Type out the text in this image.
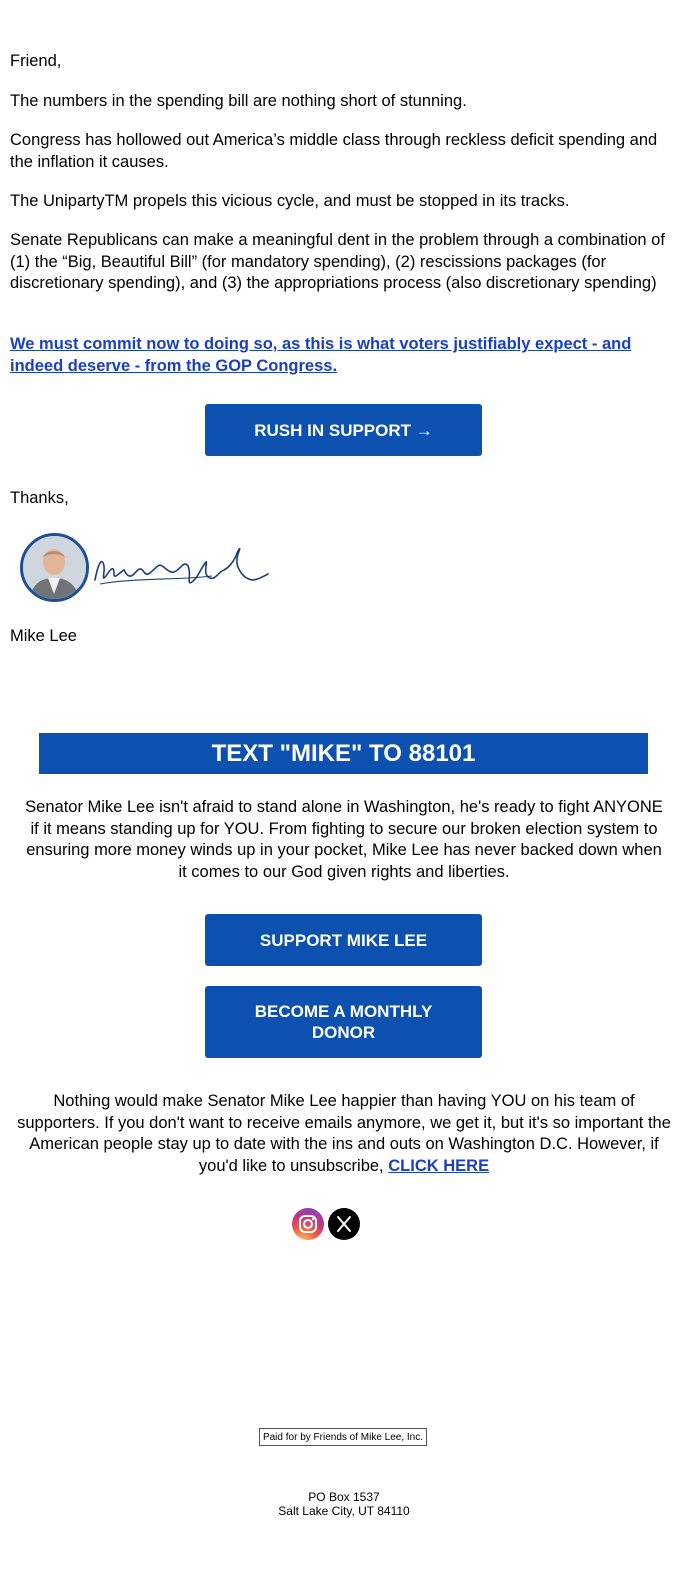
Friend,

The numbers in the spending bill are nothing short of stunning.

Congress has hollowed out America’s middle class through reckless deficit spending and the inflation it causes.

The UnipartyTM propels this vicious cycle, and must be stopped in its tracks.

Senate Republicans can make a meaningful dent in the problem through a combination of (1) the “Big, Beautiful Bill” (for mandatory spending), (2) rescissions packages (for discretionary spending), and (3) the appropriations process (also discretionary spending)

We must commit now to doing so, as this is what voters justifiably expect - and indeed deserve - from the GOP Congress.
RUSH IN SUPPORT →

Thanks,

Mike Lee

TEXT "MIKE" TO 88101

Senator Mike Lee isn't afraid to stand alone in Washington, he's ready to fight ANYONE if it means standing up for YOU. From fighting to secure our broken election system to ensuring more money winds up in your pocket, Mike Lee has never backed down when it comes to our God given rights and liberties.

SUPPORT MIKE LEE
BECOME A MONTHLY DONOR

Nothing would make Senator Mike Lee happier than having YOU on his team of supporters. If you don't want to receive emails anymore, we get it, but it's so important the American people stay up to date with the ins and outs on Washington D.C. However, if you'd like to unsubscribe, CLICK HERE

Paid for by Friends of Mike Lee, Inc.
PO Box 1537
Salt Lake City, UT 84110
